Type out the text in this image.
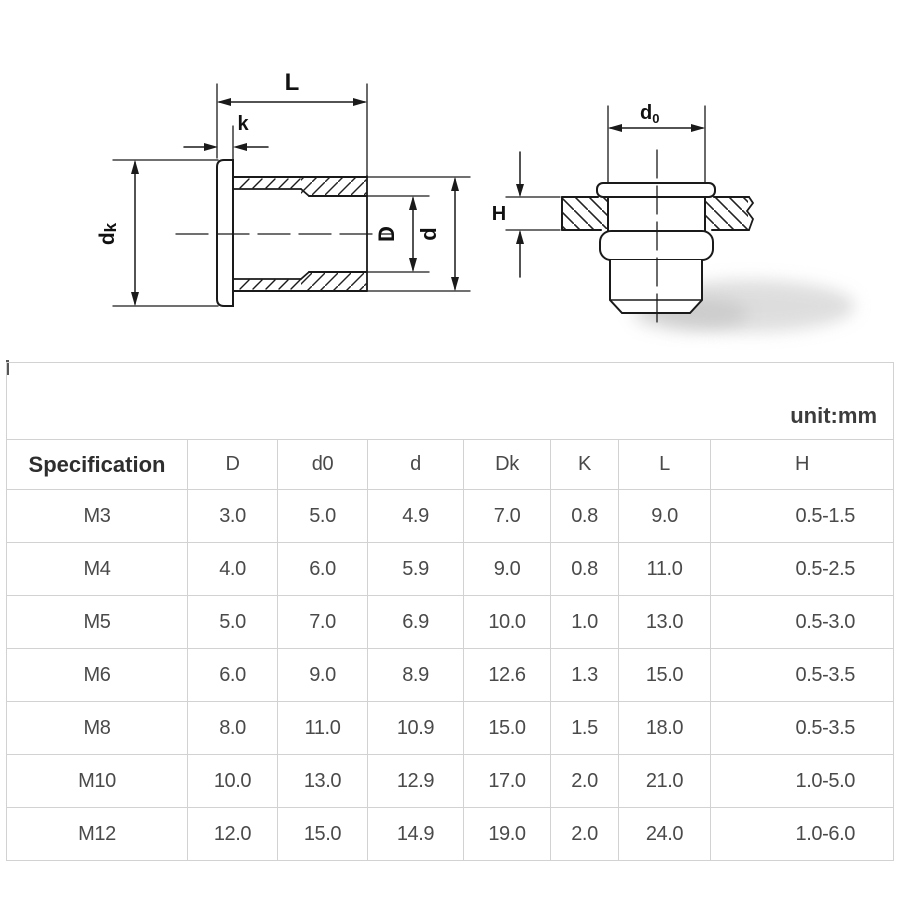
L
k
dk	D d
$d_0$
H
unit:mm							
Specification	D	d0	d	Dk	K	L	H
M3	3.0	5.0	4.9	7.0	0.8	9.0	0.5-1.5
M4	4.0	6.0	5.9	9.0	0.8	11.0	0.5-2.5
M5	5.0	7.0	6.9	10.0	1.0	13.0	0.5-3.0
M6	6.0	9.0	8.9	12.6	1.3	15.0	0.5-3.5
M8	8.0	11.0	10.9	15.0	1.5	18.0	0.5-3.5
M10	10.0	13.0	12.9	17.0	2.0	21.0	1.0-5.0
M12	12.0	15.0	14.9	19.0	2.0	24.0	1.0-6.0
